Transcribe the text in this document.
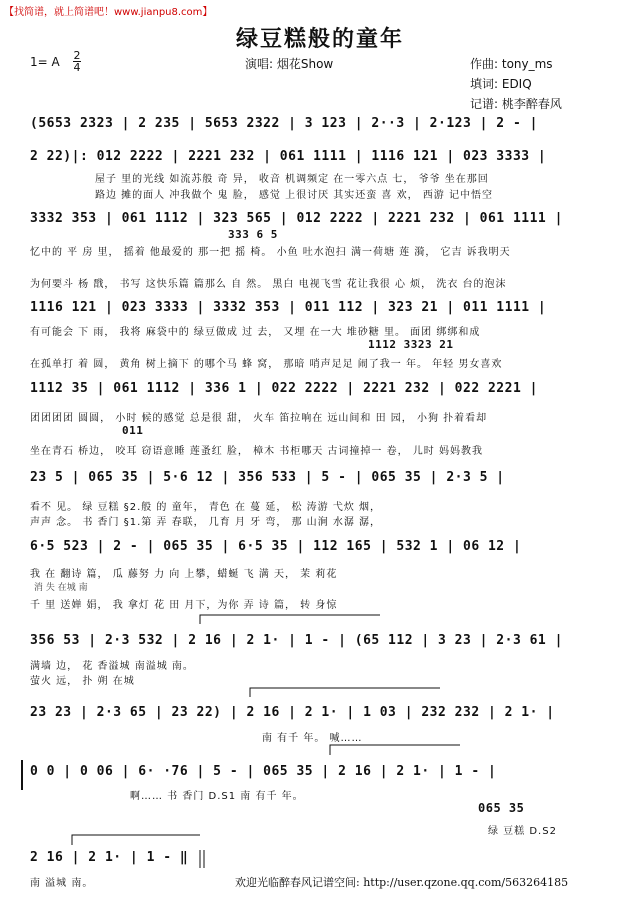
【找简谱，就上简谱吧！www.jianpu8.com】
绿豆糕般的童年
1= A 2
4	演唱: 烟花Show	作曲: tony_ms
填词: EDIQ
记谱: 桃李醉春风
(5653 2323 | 2 235 | 5653 2322 | 3 123 | 2··3 | 2·123 | 2 - |
2 22)|: 012 2222 | 2221 232 | 061 1111 | 1116 121 | 023 3333 |
屋子 里的光线 如流苏般 奇 异， 收音 机调频定 在一零六点 七， 爷爷 坐在那回
路边 摊的面人 冲我做个 鬼 脸， 感觉 上很讨厌 其实还蛮 喜 欢， 西游 记中悟空
3332 353 | 061 1112 | 323 565 | 012 2222 | 2221 232 | 061 1111 |
333 6 5
忆中的 平 房 里， 摇着 他最爱的 那一把 摇 椅。 小鱼 吐水泡扫 满一荷塘 莲 漪， 它吉 诉我明天
为何要斗 杨 戬， 书写 这快乐篇 篇那么 自 然。 黑白 电视飞雪 花让我很 心 烦， 洗衣 台的泡沫
1116 121 | 023 3333 | 3332 353 | 011 112 | 323 21 | 011 1111 |
有可能会 下 雨， 我将 麻袋中的 绿豆做成 过 去， 又埋 在一大 堆砂糖 里。 面团 绑绑和成
1112 3323 21
在孤单打 着 圆， 黄角 树上摘下 的哪个马 蜂 窝， 那暗 哨声足足 闹了我一 年。 年轻 男女喜欢
1112 35 | 061 1112 | 336 1 | 022 2222 | 2221 232 | 022 2221 |
团团团团 圆圆， 小时 候的感觉 总是很 甜， 火车 笛拉响在 远山间和 田 园， 小狗 扑着看却
011
坐在青石 桥边， 咬耳 窃语意睡 莲蚤红 脸， 樟木 书柜哪天 古词撞掉一 卷， 儿时 妈妈教我
23 5 | 065 35 | 5·6 12 | 356 533 | 5 - | 065 35 | 2·3 5 |
看不 见。 绿 豆糕 §2.般 的 童年， 青色 在 蔓 延， 松 涛游 弋炊 烟，
声声 念。 书 香门 §1.第 弄 春联， 几育 月 牙 弯， 那 山涧 水潺 潺，
6·5 523 | 2 - | 065 35 | 6·5 35 | 112 165 | 532 1 | 06 12 |
我 在 翻诗 篇， 瓜 藤努 力 向 上攀，蜡蜒 飞 满 天， 茉 莉花
消 失 在城 南
千 里 送婵 娟， 我 拿灯 花 田 月下，为你 弄 诗 篇， 转 身惊
356 53 | 2·3 532 | 2 16 | 2 1· | 1 - | (65 112 | 3 23 | 2·3 61 |
满墙 边， 花 香溢城 南溢城 南。
萤火 远， 扑 朔 在城
23 23 | 2·3 65 | 23 22) | 2 16 | 2 1· | 1 03 | 232 232 | 2 1· |
南 有千 年。 喊……
0 0 | 0 06 | 6· ·76 | 5 - | 065 35 | 2 16 | 2 1· | 1 - |
啊…… 书 香门 D.S1 南 有千 年。
065 35
绿 豆糕 D.S2
2 16 | 2 1· | 1 - ‖
南 溢城 南。	欢迎光临醉春风记谱空间: http://user.qzone.qq.com/563264185
